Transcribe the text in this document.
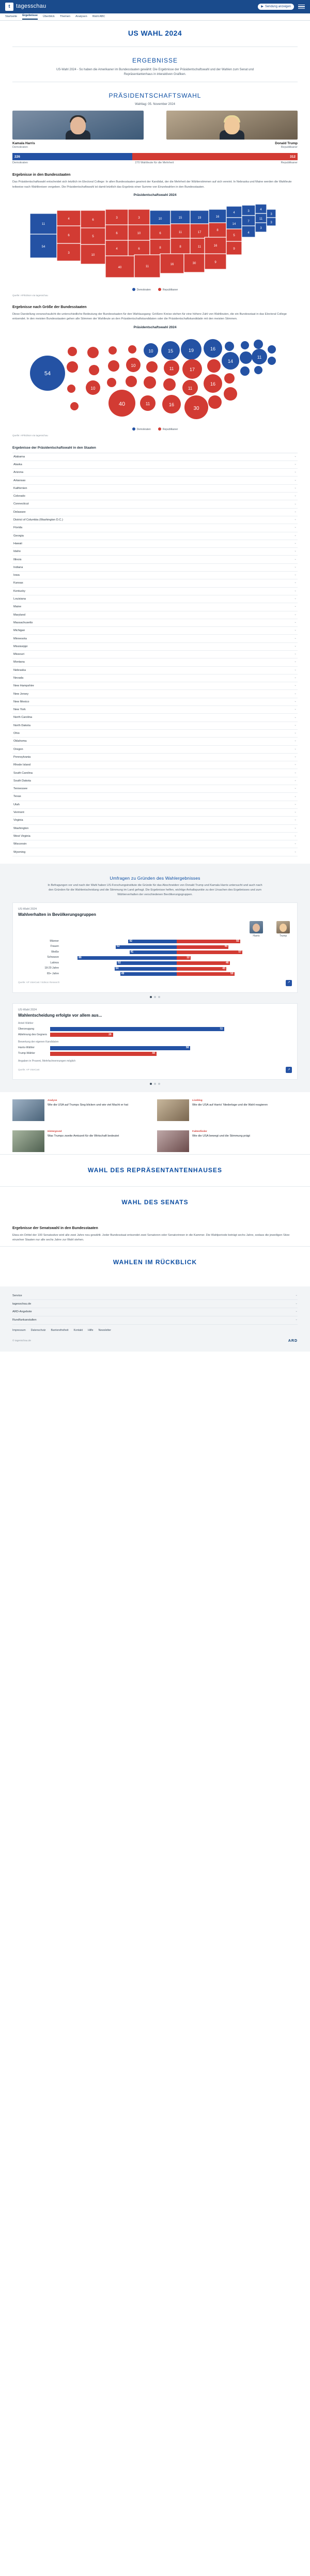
t	tagesschau	▶ Sendung anzeigen
Startseite Ergebnisse Überblick Themen Analysen Wahl ABC
US WAHL 2024
ERGEBNISSE
US-Wahl 2024 - So haben die Amerikaner im Bundesstaaten gewählt: Die Ergebnisse der Präsidentschaftswahl und der Wahlen zum Senat und Repräsentantenhaus in interaktiven Grafiken.
PRÄSIDENTSCHAFTSWAHL
Wahltag: 05. November 2024
Kamala Harris
Demokraten
Donald Trump
Republikaner
226	312
Demokraten	270 Wahlleute für die Mehrheit	Republikaner
Ergebnisse in den Bundesstaaten
Das Präsidentschaftswahl entscheidet sich letztlich im Electoral College: In allen Bundesstaaten gewinnt der Kandidat, der die Mehrheit der Wählerstimmen auf sich vereint. In Nebraska und Maine werden die Wahlleute teilweise nach Wahlkreisen vergeben. Die Präsidentschaftswahl ist damit letztlich das Ergebnis einer Summe von Einzelwahlen in den Bundesstaaten.
Präsidentschaftswahl 2024
11
54
4
6
3
6
5
10
3
6
4
40
3
10
6
10
6
8
11
15
11
8
16
19
17
11
30
16
8
16
9
4
14
5
9
3
7
4
4
11
3
3
3
Demokraten	Republikaner
Quelle: AP/Edison via tagesschau
Ergebnisse nach Größe der Bundesstaaten
Diese Darstellung veranschaulicht die unterschiedliche Bedeutung der Bundesstaaten für den Wahlausgang: Größere Kreise stehen für eine höhere Zahl von Wahlleuten, die ein Bundesstaat in das Electoral College entsendet. In den meisten Bundesstaaten gehen alle Stimmen der Wahlleute an den Präsidentschaftskandidaten oder die Präsidentschaftskandidatin mit den meisten Stimmen.
Präsidentschaftswahl 2024
54
10
40
10
10
11
15
11
16
19
17
11
30
16
16
14
11
Demokraten	Republikaner
Quelle: AP/Edison via tagesschau
Ergebnisse der Präsidentschaftswahl in den Staaten
Alabama	⌄
Alaska	⌄
Arizona	⌄
Arkansas	⌄
Kalifornien	⌄
Colorado	⌄
Connecticut	⌄
Delaware	⌄
District of Columbia (Washington D.C.)	⌄
Florida	⌄
Georgia	⌄
Hawaii	⌄
Idaho	⌄
Illinois	⌄
Indiana	⌄
Iowa	⌄
Kansas	⌄
Kentucky	⌄
Louisiana	⌄
Maine	⌄
Maryland	⌄
Massachusetts	⌄
Michigan	⌄
Minnesota	⌄
Mississippi	⌄
Missouri	⌄
Montana	⌄
Nebraska	⌄
Nevada	⌄
New Hampshire	⌄
New Jersey	⌄
New Mexico	⌄
New York	⌄
North Carolina	⌄
North Dakota	⌄
Ohio	⌄
Oklahoma	⌄
Oregon	⌄
Pennsylvania	⌄
Rhode Island	⌄
South Carolina	⌄
South Dakota	⌄
Tennessee	⌄
Texas	⌄
Utah	⌄
Vermont	⌄
Virginia	⌄
Washington	⌄
West Virginia	⌄
Wisconsin	⌄
Wyoming	⌄
Umfragen zu Gründen des Wahlergebnisses
In Befragungen vor und nach der Wahl haben US-Forschungsinstitute die Gründe für das Abschneiden von Donald Trump und Kamala Harris untersucht und auch nach den Gründen für die Wahlentscheidung und die Stimmung im Land gefragt. Die Ergebnisse helfen, wichtige Anhaltspunkte zu den Ursachen des Ergebnisses und zum Wählerverhalten der verschiedenen Bevölkerungsgruppen.
US-Wahl 2024
Wahlverhalten in Bevölkerungsgruppen
Harris	Trump
Männer	42	55
Frauen	53	45
Weiße	41	57
Schwarze	86	12
Latinos	52	46
18-29 Jahre	54	43
65+ Jahre	49	50
Quelle: AP VoteCast / Edison Research	↗
US-Wahl 2024
Wahlentscheidung erfolgte vor allem aus...
Anteil Wähler
Überzeugung	72
Ablehnung des Gegners	26
Bewertung der eigenen Kandidaten
Harris-Wähler	58
Trump-Wähler	44
Angaben in Prozent, Mehrfachnennungen möglich
Quelle: AP VoteCast	↗
Analyse
Wie die USA auf Trumps Sieg blicken und wie viel Macht er hat
Liveblog
Wie die USA auf Harris' Niederlage und die Wahl reagieren
Hintergrund
Was Trumps zweite Amtszeit für die Wirtschaft bedeutet
Faktenfinder
Wie die USA bewegt und die Stimmung prägt
WAHL DES REPRÄSENTANTENHAUSES
WAHL DES SENATS
Ergebnisse der Senatswahl in den Bundesstaaten
Etwa ein Drittel der 100 Senatssitze wird alle zwei Jahre neu gewählt. Jeder Bundesstaat entsendet zwei Senatoren oder Senatorinnen in die Kammer. Die Wahlperiode beträgt sechs Jahre, sodass die jeweiligen Sitze einzelner Staaten nur alle sechs Jahre zur Wahl stehen.
WAHLEN IM RÜCKBLICK
Service	⌄
tagesschau.de	⌄
ARD-Angebote	⌄
Rundfunkanstalten	⌄
Impressum Datenschutz Barrierefreiheit Kontakt Hilfe Newsletter
© tagesschau.de	ARD
